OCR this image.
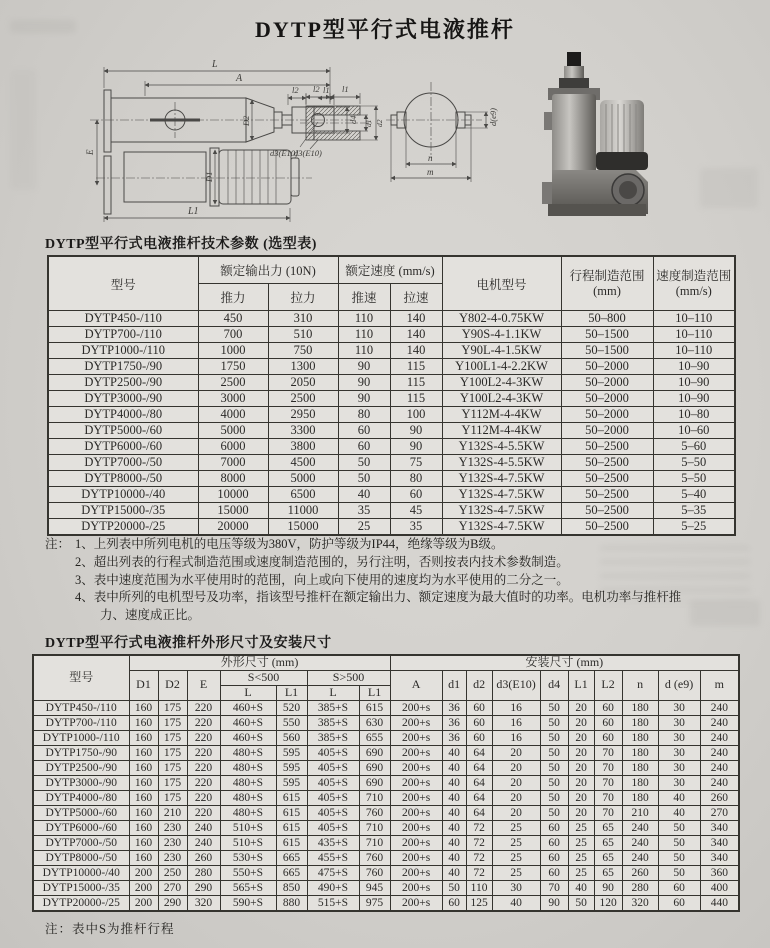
DYTP型平行式电液推杆
L
A
l2	l1
D2	d4
d3(E10)
E
D1
L1
l2	l1
d1 d2
d3(E10)
d(e9)
n
m
DYTP型平行式电液推杆技术参数 (选型表)
型号	额定输出力 (10N)	额定速度 (mm/s)	电机型号	
行程制造范围
(mm)

速度制造范围
(mm/s)

	推力	拉力	推速	拉速			
DYTP450-/110	450	310	110	140	Y802-4-0.75KW	50–800	10–110
DYTP700-/110	700	510	110	140	Y90S-4-1.1KW	50–1500	10–110
DYTP1000-/110	1000	750	110	140	Y90L-4-1.5KW	50–1500	10–110
DYTP1750-/90	1750	1300	90	115	Y100L1-4-2.2KW	50–2000	10–90
DYTP2500-/90	2500	2050	90	115	Y100L2-4-3KW	50–2000	10–90
DYTP3000-/90	3000	2500	90	115	Y100L2-4-3KW	50–2000	10–90
DYTP4000-/80	4000	2950	80	100	Y112M-4-4KW	50–2000	10–80
DYTP5000-/60	5000	3300	60	90	Y112M-4-4KW	50–2000	10–60
DYTP6000-/60	6000	3800	60	90	Y132S-4-5.5KW	50–2500	5–60
DYTP7000-/50	7000	4500	50	75	Y132S-4-5.5KW	50–2500	5–50
DYTP8000-/50	8000	5000	50	80	Y132S-4-7.5KW	50–2500	5–50
DYTP10000-/40	10000	6500	40	60	Y132S-4-7.5KW	50–2500	5–40
DYTP15000-/35	15000	11000	35	45	Y132S-4-7.5KW	50–2500	5–35
DYTP20000-/25	20000	15000	25	35	Y132S-4-7.5KW	50–2500	5–25
注： 1、上列表中所列电机的电压等级为380V，防护等级为IP44，绝缘等级为B级。
2、超出列表的行程式制造范围或速度制造范围的，另行注明，否则按表内技术参数制造。
3、表中速度范围为水平使用时的范围，向上或向下使用的速度均为水平使用的二分之一。
4、表中所列的电机型号及功率，指该型号推杆在额定输出力、额定速度为最大值时的功率。电机功率与推杆推力、速度成正比。
DYTP型平行式电液推杆外形尺寸及安装尺寸
型号	外形尺寸 (mm)							安装尺寸 (mm)									
	D1	D2	E	S<500		S>500		A	d1	d2	d3(E10)	d4	L1	L2	n	d (e9)	m
				L	L1	L	L1										
DYTP450-/110	160	175	220	460+S	520	385+S	615	200+s	36	60	16	50	20	60	180	30	240
DYTP700-/110	160	175	220	460+S	550	385+S	630	200+s	36	60	16	50	20	60	180	30	240
DYTP1000-/110	160	175	220	460+S	560	385+S	655	200+s	36	60	16	50	20	60	180	30	240
DYTP1750-/90	160	175	220	480+S	595	405+S	690	200+s	40	64	20	50	20	70	180	30	240
DYTP2500-/90	160	175	220	480+S	595	405+S	690	200+s	40	64	20	50	20	70	180	30	240
DYTP3000-/90	160	175	220	480+S	595	405+S	690	200+s	40	64	20	50	20	70	180	30	240
DYTP4000-/80	160	175	220	480+S	615	405+S	710	200+s	40	64	20	50	20	70	180	40	260
DYTP5000-/60	160	210	220	480+S	615	405+S	760	200+s	40	64	20	50	20	70	210	40	270
DYTP6000-/60	160	230	240	510+S	615	405+S	710	200+s	40	72	25	60	25	65	240	50	340
DYTP7000-/50	160	230	240	510+S	615	435+S	710	200+s	40	72	25	60	25	65	240	50	340
DYTP8000-/50	160	230	260	530+S	665	455+S	760	200+s	40	72	25	60	25	65	240	50	340
DYTP10000-/40	200	250	280	550+S	665	475+S	760	200+s	40	72	25	60	25	65	260	50	360
DYTP15000-/35	200	270	290	565+S	850	490+S	945	200+s	50	110	30	70	40	90	280	60	400
DYTP20000-/25	200	290	320	590+S	880	515+S	975	200+s	60	125	40	90	50	120	320	60	440
注：表中S为推杆行程
